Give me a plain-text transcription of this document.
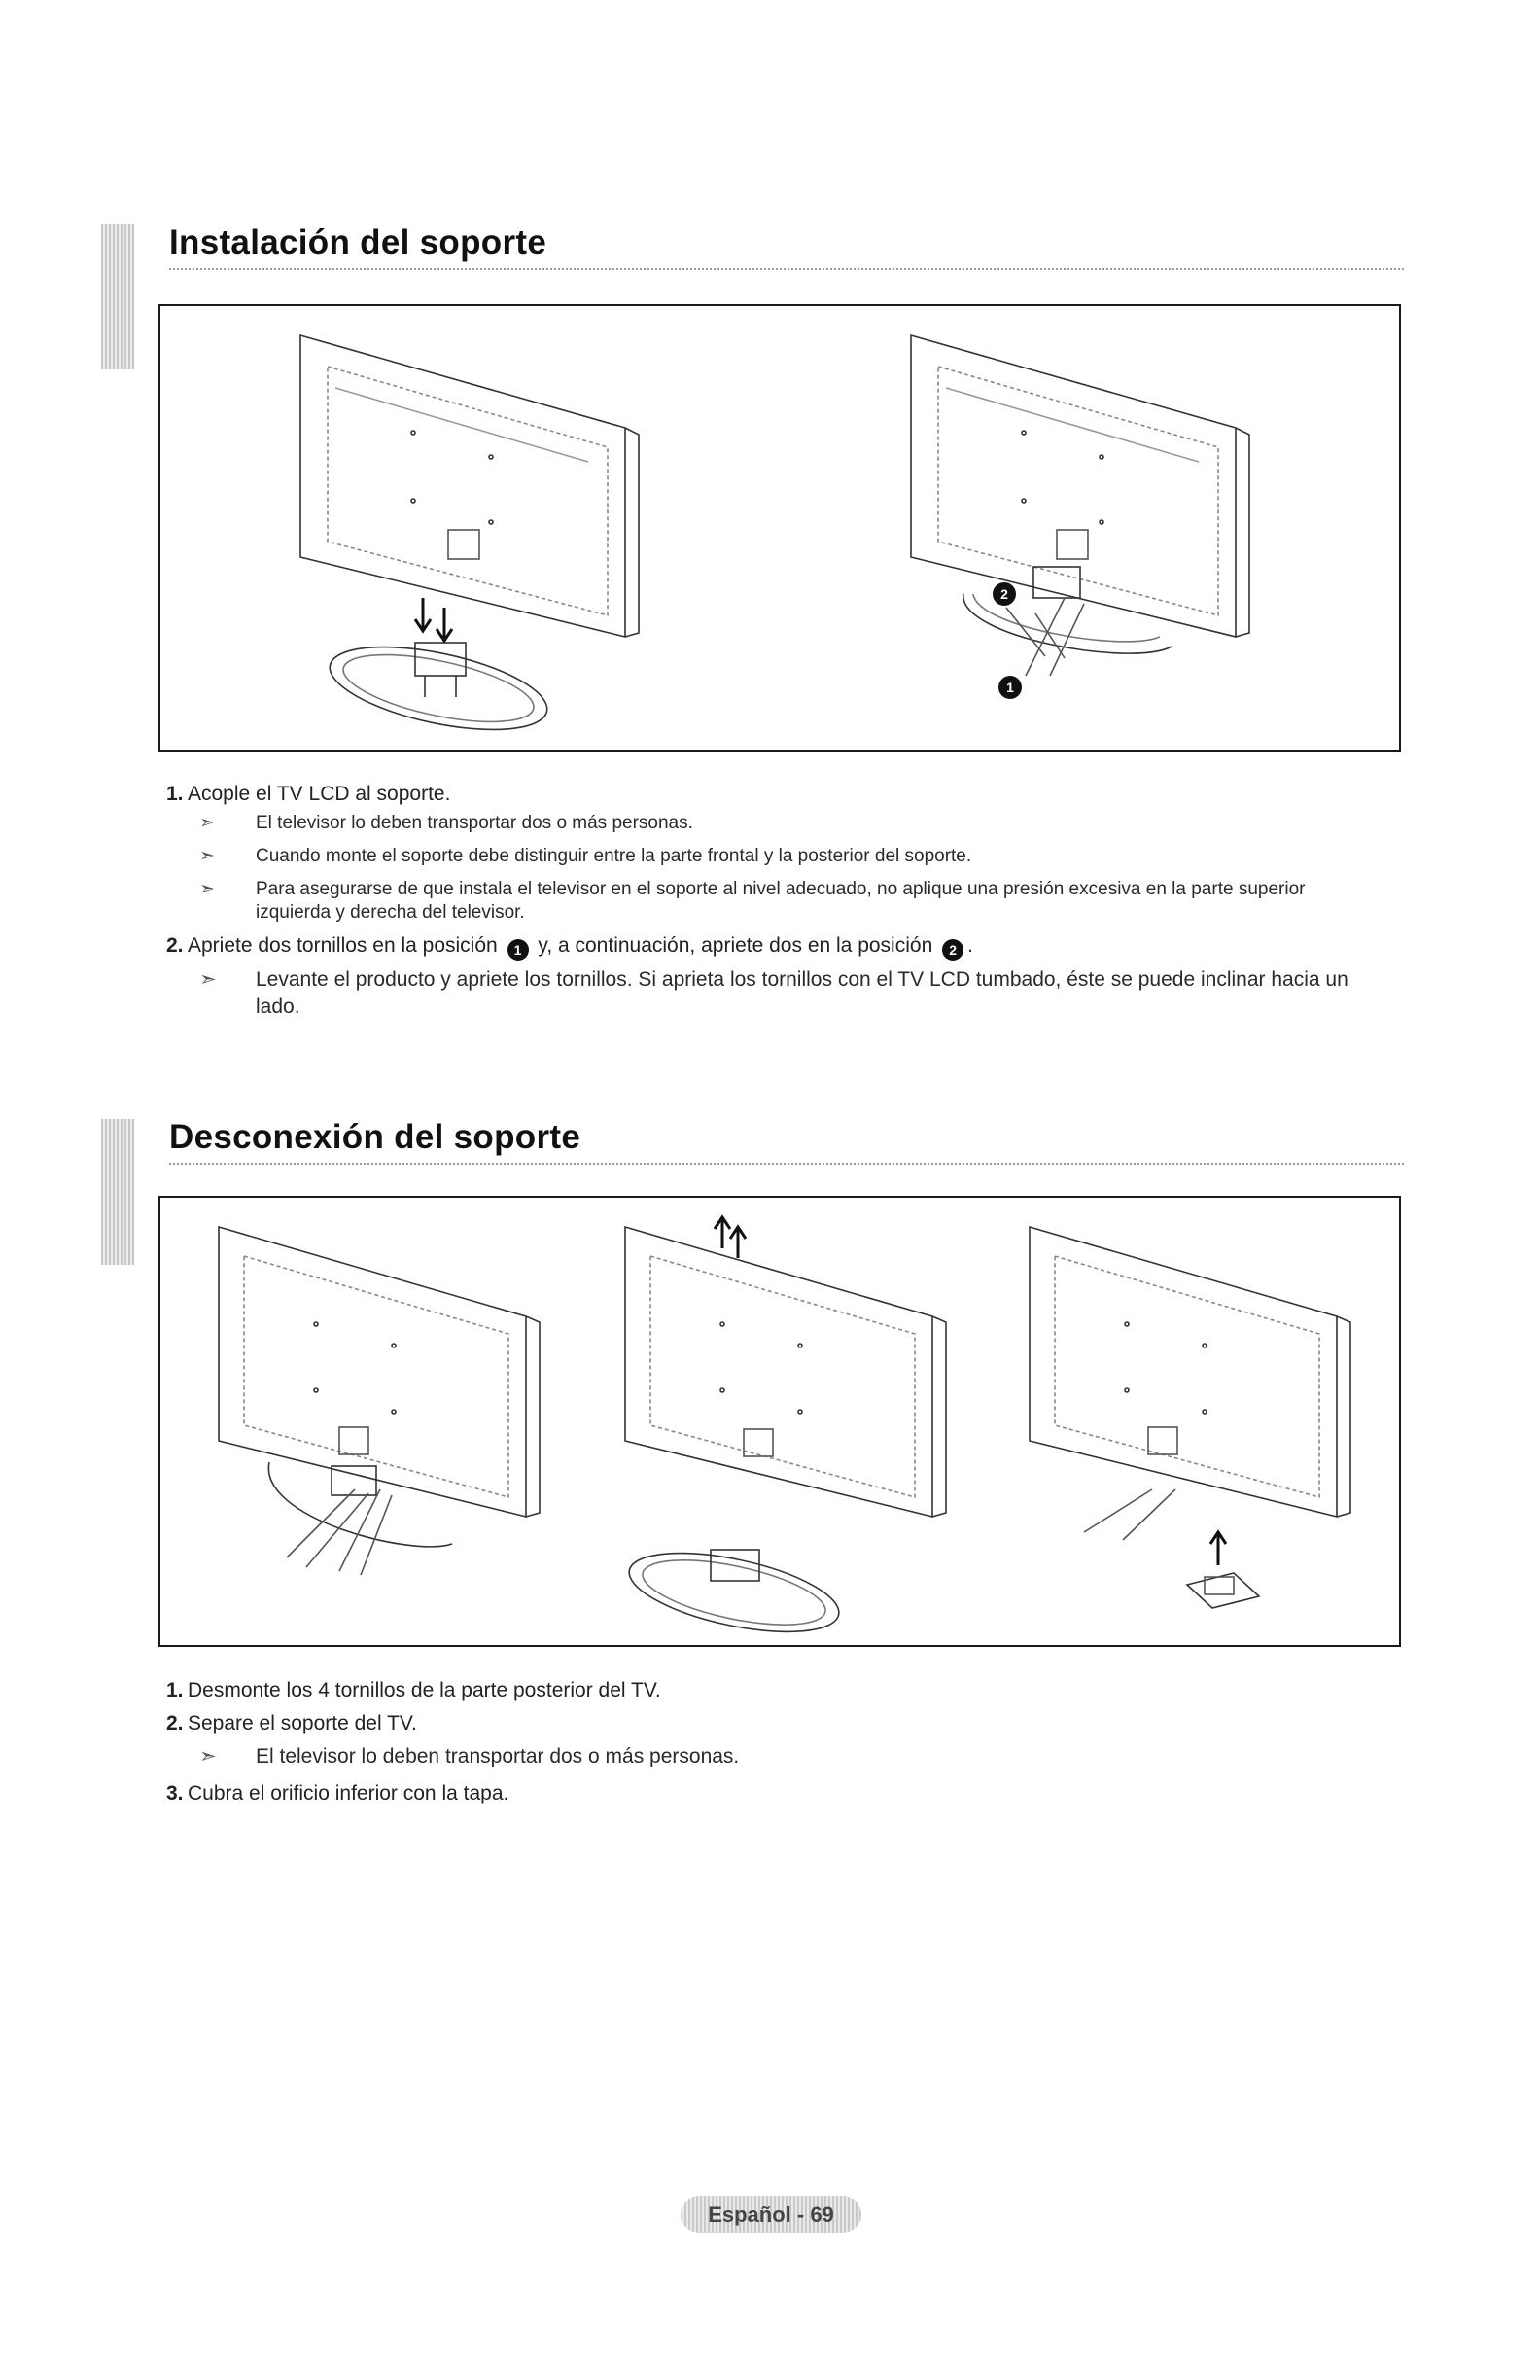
Instalación del soporte
2
1
1. Acople el TV LCD al soporte.
➣ El televisor lo deben transportar dos o más personas.
➣ Cuando monte el soporte debe distinguir entre la parte frontal y la posterior del soporte.
➣ Para asegurarse de que instala el televisor en el soporte al nivel adecuado, no aplique una presión excesiva en la parte superior izquierda y derecha del televisor.
2. Apriete dos tornillos en la posición 1 y, a continuación, apriete dos en la posición 2 .
➣ Levante el producto y apriete los tornillos. Si aprieta los tornillos con el TV LCD tumbado, éste se puede inclinar hacia un lado.
Desconexión del soporte
1. Desmonte los 4 tornillos de la parte posterior del TV.
2. Separe el soporte del TV.
➣ El televisor lo deben transportar dos o más personas.
3. Cubra el orificio inferior con la tapa.
Español - 69
